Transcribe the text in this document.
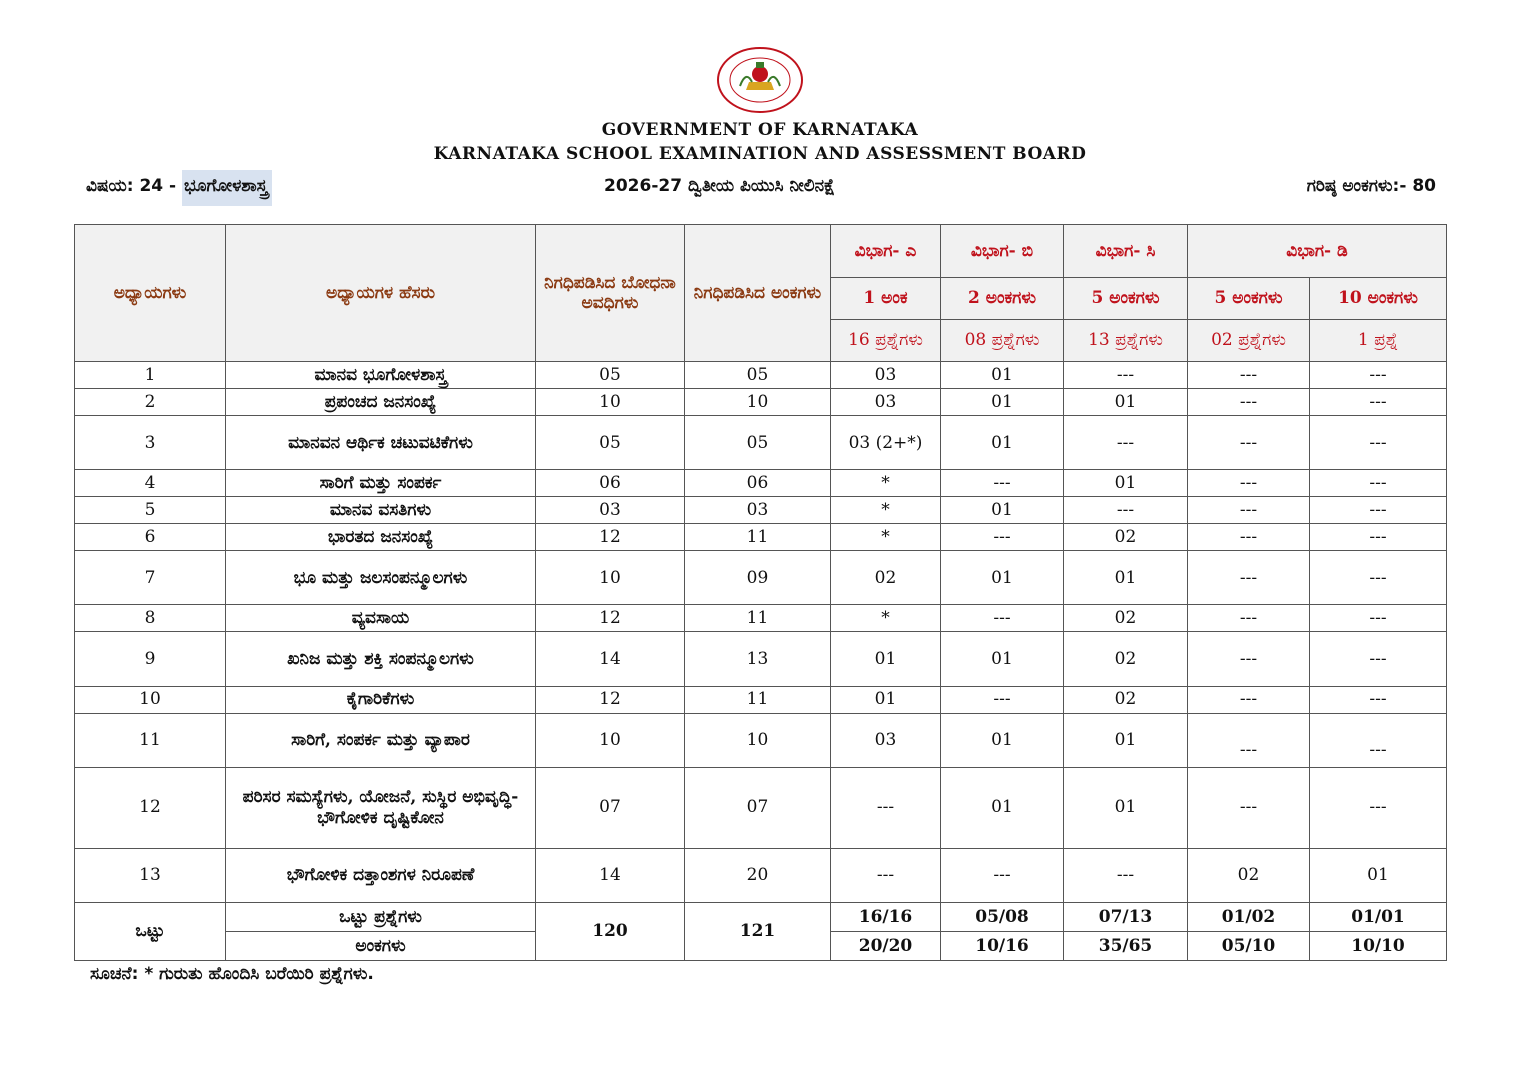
GOVERNMENT OF KARNATAKA
KARNATAKA SCHOOL EXAMINATION AND ASSESSMENT BOARD
ವಿಷಯ: 24 - ಭೂಗೋಳಶಾಸ್ತ್ರ	2026-27 ದ್ವಿತೀಯ ಪಿಯುಸಿ ನೀಲಿನಕ್ಷೆ	ಗರಿಷ್ಠ ಅಂಕಗಳು:- 80
ಅಧ್ಯಾಯಗಳು	ಅಧ್ಯಾಯಗಳ ಹೆಸರು	ನಿಗಧಿಪಡಿಸಿದ ಬೋಧನಾ ಅವಧಿಗಳು	ನಿಗಧಿಪಡಿಸಿದ ಅಂಕಗಳು	ವಿಭಾಗ- ಎ	ವಿಭಾಗ- ಬಿ	ವಿಭಾಗ- ಸಿ	ವಿಭಾಗ- ಡಿ	
				1 ಅಂಕ	2 ಅಂಕಗಳು	5 ಅಂಕಗಳು	5 ಅಂಕಗಳು	10 ಅಂಕಗಳು
				16 ಪ್ರಶ್ನೆಗಳು	08 ಪ್ರಶ್ನೆಗಳು	13 ಪ್ರಶ್ನೆಗಳು	02 ಪ್ರಶ್ನೆಗಳು	1 ಪ್ರಶ್ನೆ
1	ಮಾನವ ಭೂಗೋಳಶಾಸ್ತ್ರ	05	05	03	01	---	---	---
2	ಪ್ರಪಂಚದ ಜನಸಂಖ್ಯೆ	10	10	03	01	01	---	---
3	ಮಾನವನ ಆರ್ಥಿಕ ಚಟುವಟಿಕೆಗಳು	05	05	03 (2+*)	01	---	---	---
4	ಸಾರಿಗೆ ಮತ್ತು ಸಂಪರ್ಕ	06	06	*	---	01	---	---
5	ಮಾನವ ವಸತಿಗಳು	03	03	*	01	---	---	---
6	ಭಾರತದ ಜನಸಂಖ್ಯೆ	12	11	*	---	02	---	---
7	ಭೂ ಮತ್ತು ಜಲಸಂಪನ್ಮೂಲಗಳು	10	09	02	01	01	---	---
8	ವ್ಯವಸಾಯ	12	11	*	---	02	---	---
9	ಖನಿಜ ಮತ್ತು ಶಕ್ತಿ ಸಂಪನ್ಮೂಲಗಳು	14	13	01	01	02	---	---
10	ಕೈಗಾರಿಕೆಗಳು	12	11	01	---	02	---	---
11	ಸಾರಿಗೆ, ಸಂಪರ್ಕ ಮತ್ತು ವ್ಯಾಪಾರ	10	10	03	01	01	---	---
12	ಪರಿಸರ ಸಮಸ್ಯೆಗಳು, ಯೋಜನೆ, ಸುಸ್ಥಿರ ಅಭಿವೃದ್ಧಿ- ಭೌಗೋಳಿಕ ದೃಷ್ಟಿಕೋನ	07	07	---	01	01	---	---
13	ಭೌಗೋಳಿಕ ದತ್ತಾಂಶಗಳ ನಿರೂಪಣೆ	14	20	---	---	---	02	01
ಒಟ್ಟು	ಒಟ್ಟು ಪ್ರಶ್ನೆಗಳು	120	121	16/16	05/08	07/13	01/02	01/01
	ಅಂಕಗಳು			20/20	10/16	35/65	05/10	10/10
ಸೂಚನೆ: * ಗುರುತು ಹೊಂದಿಸಿ ಬರೆಯಿರಿ ಪ್ರಶ್ನೆಗಳು.
